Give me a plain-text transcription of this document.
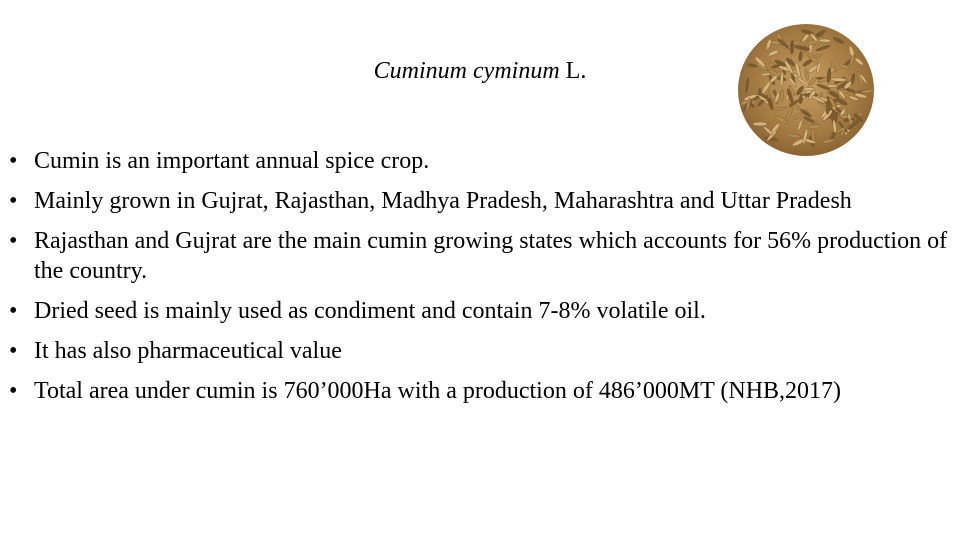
Cuminum cyminum L.
• Cumin is an important annual spice crop.
• Mainly grown in Gujrat, Rajasthan, Madhya Pradesh, Maharashtra and Uttar Pradesh
• Rajasthan and Gujrat are the main cumin growing states which accounts for 56% production of the country.
• Dried seed is mainly used as condiment and contain 7-8% volatile oil.
• It has also pharmaceutical value
• Total area under cumin is 760’000Ha with a production of 486’000MT (NHB,2017)
